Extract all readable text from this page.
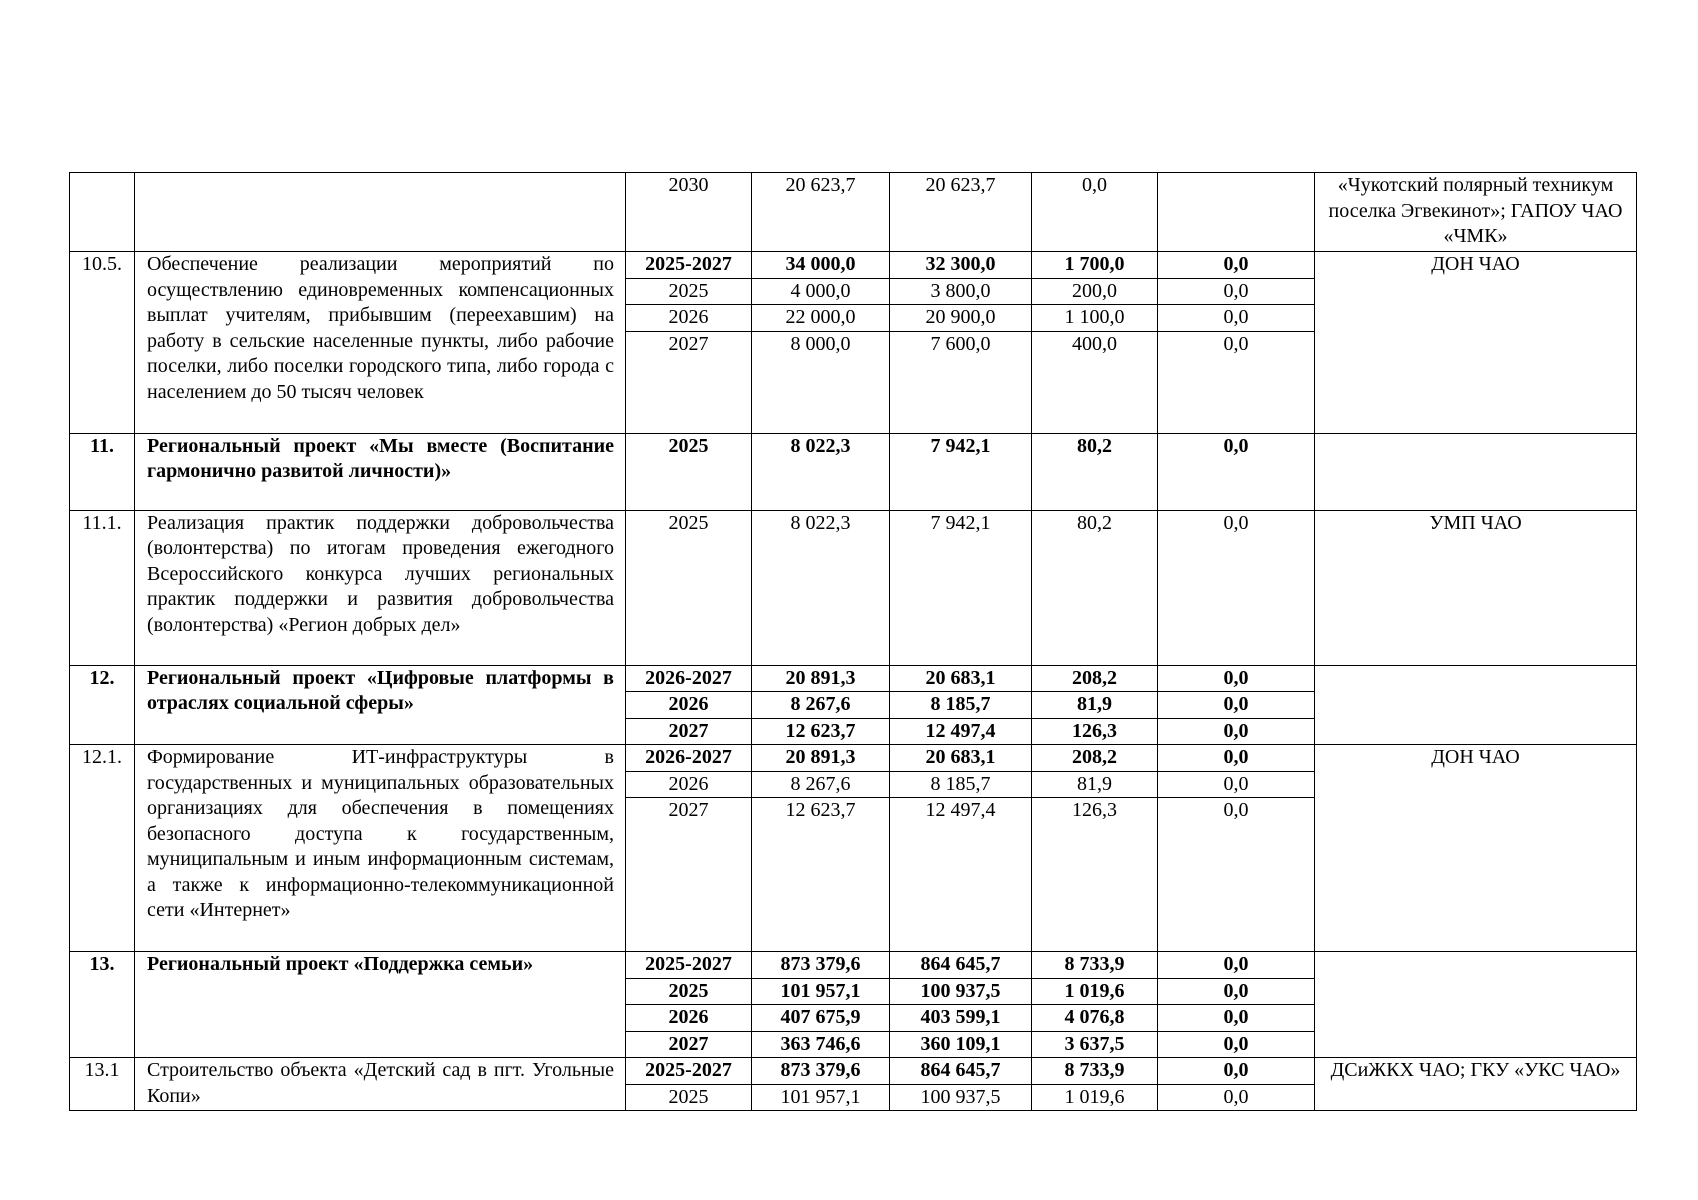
		2030	20 623,7	20 623,7	0,0		«Чукотский полярный техникум поселка Эгвекинот»; ГАПОУ ЧАО «ЧМК»
10.5.	Обеспечение реализации мероприятий по осуществлению единовременных компенсационных выплат учителям, прибывшим (переехавшим) на работу в сельские населенные пункты, либо рабочие поселки, либо поселки городского типа, либо города с населением до 50 тысяч человек	2025-2027	34 000,0	32 300,0	1 700,0	0,0	ДОН ЧАО
		2025	4 000,0	3 800,0	200,0	0,0	
		2026	22 000,0	20 900,0	1 100,0	0,0	
		2027	8 000,0	7 600,0	400,0	0,0	
11.	Региональный проект «Мы вместе (Воспитание гармонично развитой личности)»	2025	8 022,3	7 942,1	80,2	0,0	
11.1.	Реализация практик поддержки добровольчества (волонтерства) по итогам проведения ежегодного Всероссийского конкурса лучших региональных практик поддержки и развития добровольчества (волонтерства) «Регион добрых дел»	2025	8 022,3	7 942,1	80,2	0,0	УМП ЧАО
12.	Региональный проект «Цифровые платформы в отраслях социальной сферы»	2026-2027	20 891,3	20 683,1	208,2	0,0	
		2026	8 267,6	8 185,7	81,9	0,0	
		2027	12 623,7	12 497,4	126,3	0,0	
12.1.	Формирование ИТ-инфраструктуры в государственных и муниципальных образовательных организациях для обеспечения в помещениях безопасного доступа к государственным, муниципальным и иным информационным системам, а также к информационно-телекоммуникационной сети «Интернет»	2026-2027	20 891,3	20 683,1	208,2	0,0	ДОН ЧАО
		2026	8 267,6	8 185,7	81,9	0,0	
		2027	12 623,7	12 497,4	126,3	0,0	
13.	Региональный проект «Поддержка семьи»	2025-2027	873 379,6	864 645,7	8 733,9	0,0	
		2025	101 957,1	100 937,5	1 019,6	0,0	
		2026	407 675,9	403 599,1	4 076,8	0,0	
		2027	363 746,6	360 109,1	3 637,5	0,0	
13.1	Строительство объекта «Детский сад в пгт. Угольные Копи»	2025-2027	873 379,6	864 645,7	8 733,9	0,0	ДСиЖКХ ЧАО; ГКУ «УКС ЧАО»
		2025	101 957,1	100 937,5	1 019,6	0,0	
